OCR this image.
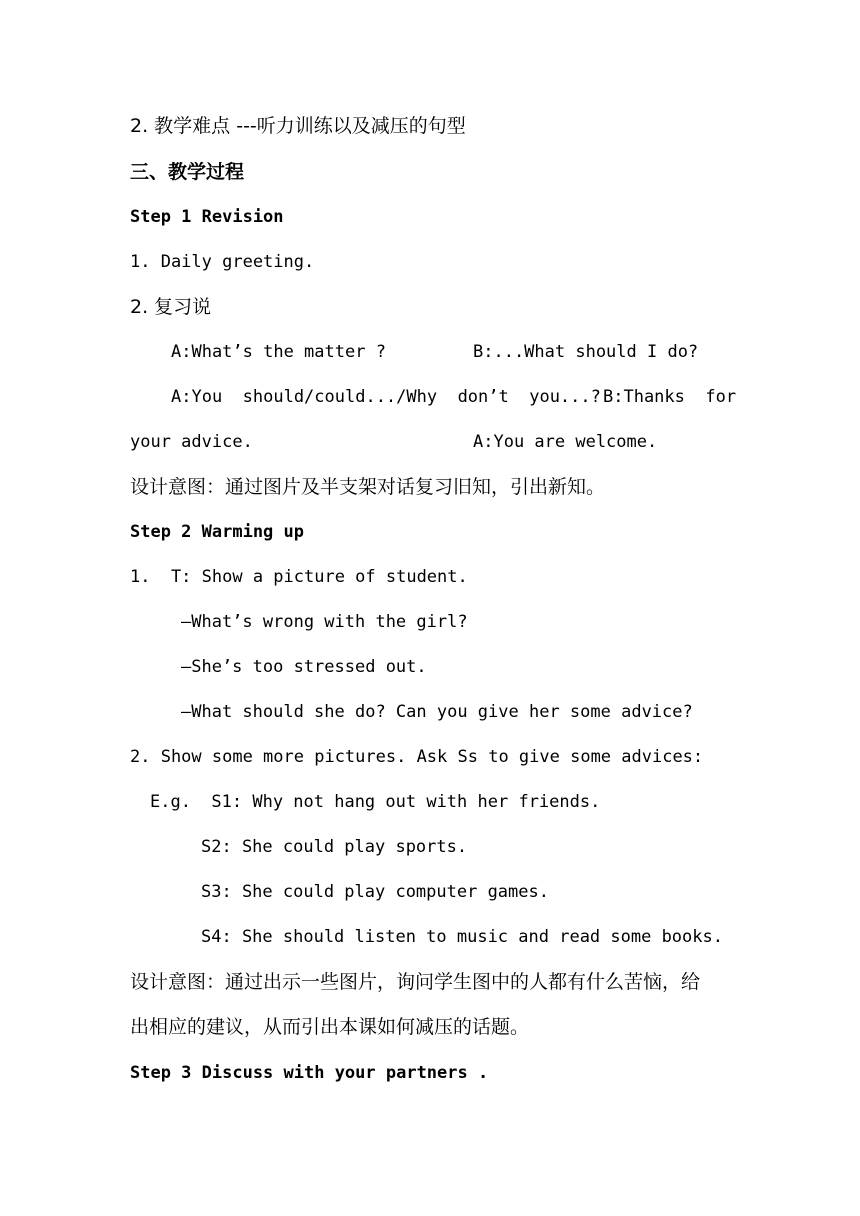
2. 教学难点 ---听力训练以及减压的句型
三、教学过程
Step 1 Revision
1. Daily greeting.
2. 复习说
A:What’s the matter ?	B:...What should I do?
A:You  should/could.../Why  don’t  you...? B:Thanks  for
your advice.	A:You are welcome.
设计意图：通过图片及半支架对话复习旧知，引出新知。
Step 2 Warming up
1.  T: Show a picture of student.
—What’s wrong with the girl?
—She’s too stressed out.
—What should she do? Can you give her some advice?
2. Show some more pictures. Ask Ss to give some advices:
E.g.  S1: Why not hang out with her friends.
S2: She could play sports.
S3: She could play computer games.
S4: She should listen to music and read some books.
设计意图：通过出示一些图片，询问学生图中的人都有什么苦恼，给
出相应的建议，从而引出本课如何减压的话题。
Step 3 Discuss with your partners .
